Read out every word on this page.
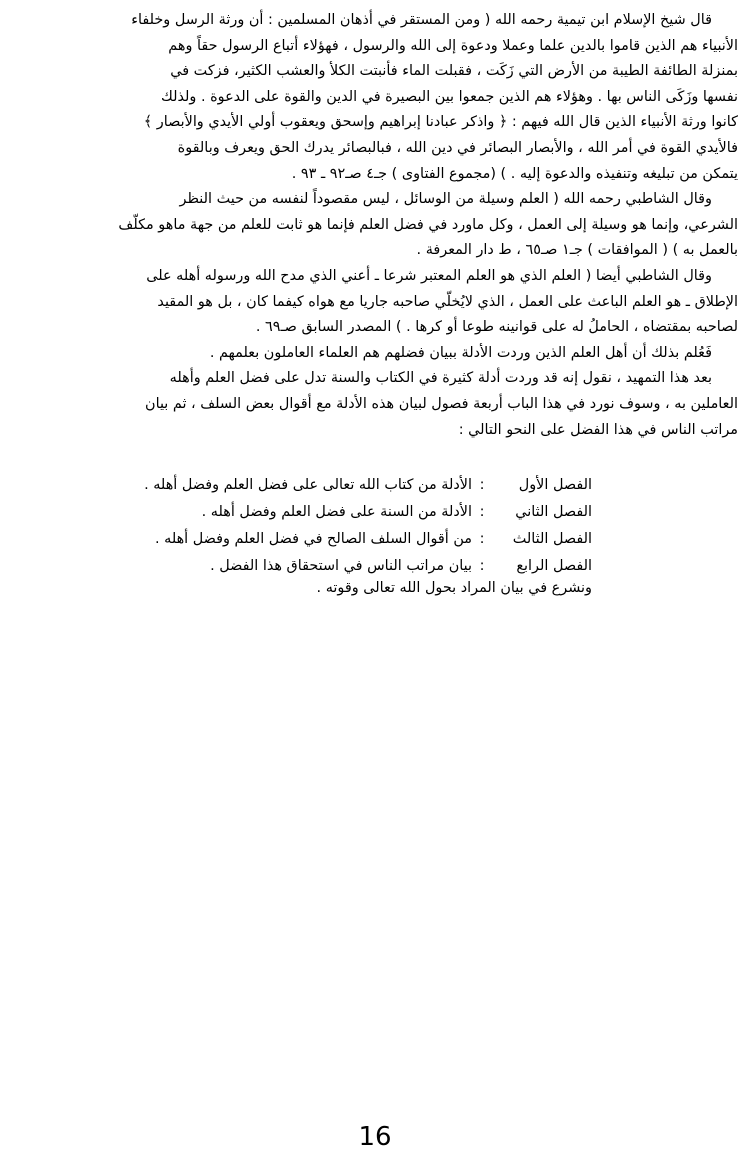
قال شيخ الإسلام ابن تيمية رحمه الله ( ومن المستقر في أذهان المسلمين : أن ورثة الرسل وخلفاء
الأنبياء هم الذين قاموا بالدين علما وعملا ودعوة إلى الله والرسول ، فهؤلاء أتباع الرسول حقاً وهم
بمنزلة الطائفة الطيبة من الأرض التي زَكَت ، فقبلت الماء فأنبتت الكلأ والعشب الكثير، فزكت في
نفسها وزَكَى الناس بها . وهؤلاء هم الذين جمعوا بين البصيرة في الدين والقوة على الدعوة . ولذلك
كانوا ورثة الأنبياء الذين قال الله فيهم : ﴿ واذكر عبادنا إبراهيم وإسحق ويعقوب أولي الأيدي والأبصار ﴾
فالأيدي القوة في أمر الله ، والأبصار البصائر في دين الله ، فبالبصائر يدرك الحق ويعرف وبالقوة
يتمكن من تبليغه وتنفيذه والدعوة إليه . ) (مجموع الفتاوى ) جـ٤ صـ٩٢ ـ ٩٣ .

وقال الشاطبي رحمه الله ( العلم وسيلة من الوسائل ، ليس مقصوداً لنفسه من حيث النظر
الشرعي، وإنما هو وسيلة إلى العمل ، وكل ماورد في فضل العلم فإنما هو ثابت للعلم من جهة ماهو مكلّف
بالعمل به ) ( الموافقات ) جـ١ صـ٦٥ ، ط دار المعرفة .

وقال الشاطبي أيضا ( العلم الذي هو العلم المعتبر شرعا ـ أعني الذي مدح الله ورسوله أهله على
الإطلاق ـ هو العلم الباعث على العمل ، الذي لايُخلّي صاحبه جاريا مع هواه كيفما كان ، بل هو المقيد
لصاحبه بمقتضاه ، الحاملُ له على قوانينه طوعا أو كرها . ) المصدر السابق صـ٦٩ .

فَعُلم بذلك أن أهل العلم الذين وردت الأدلة ببيان فضلهم هم العلماء العاملون بعلمهم .

بعد هذا التمهيد ، نقول إنه قد وردت أدلة كثيرة في الكتاب والسنة تدل على فضل العلم وأهله
العاملين به ، وسوف نورد في هذا الباب أربعة فصول لبيان هذه الأدلة مع أقوال بعض السلف ، ثم بيان
مراتب الناس في هذا الفضل على النحو التالي :

الفصل الأول:الأدلة من كتاب الله تعالى على فضل العلم وفضل أهله .
الفصل الثاني:الأدلة من السنة على فضل العلم وفضل أهله .
الفصل الثالث:من أقوال السلف الصالح في فضل العلم وفضل أهله .
الفصل الرابع:بيان مراتب الناس في استحقاق هذا الفضل .
ونشرع في بيان المراد بحول الله تعالى وقوته .
16
